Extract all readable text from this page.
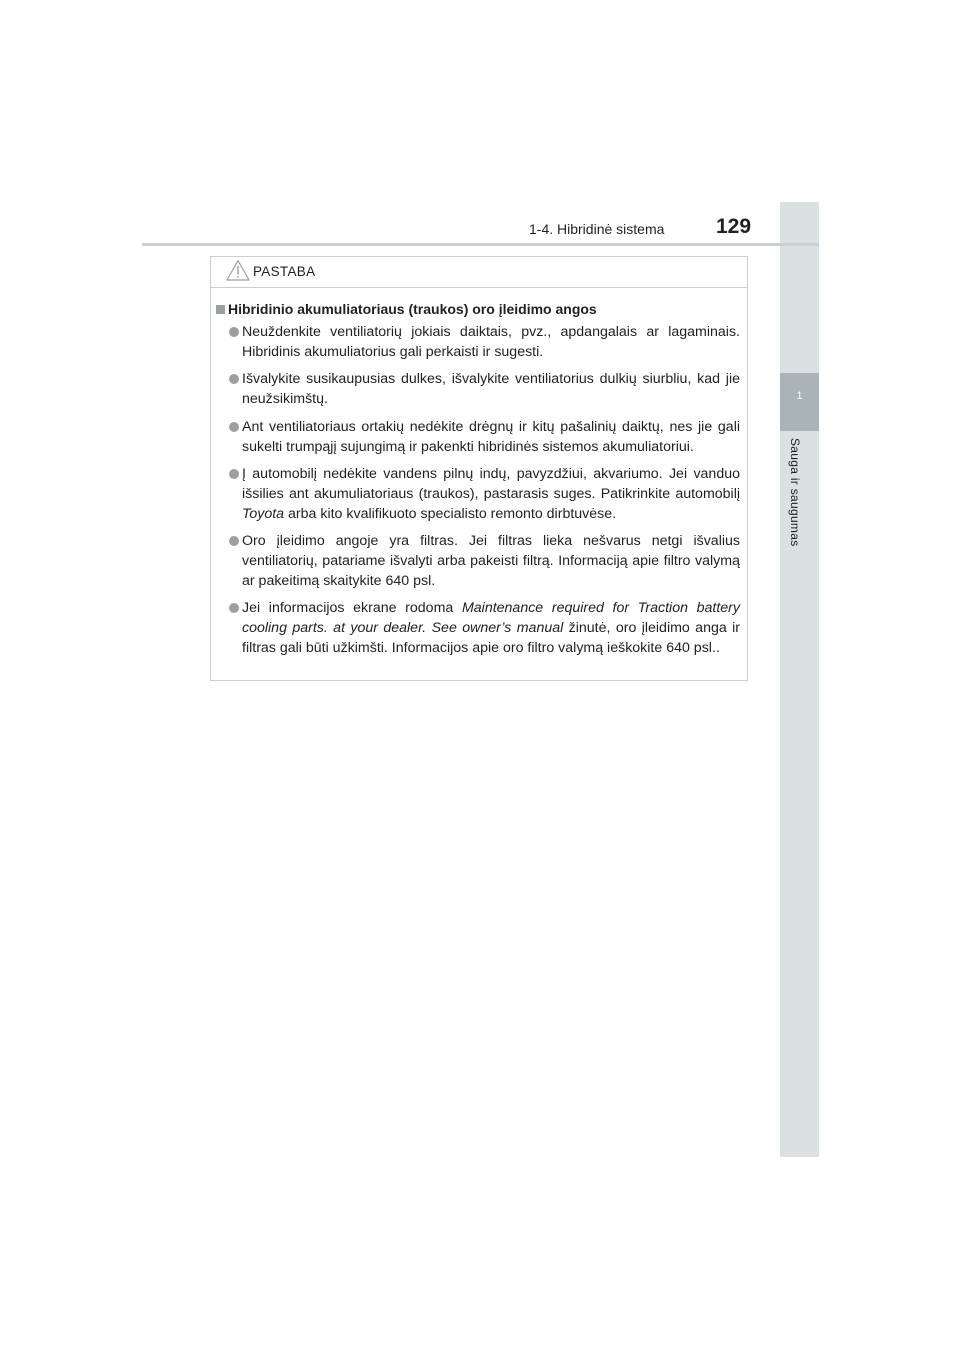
1
Sauga ir saugumas
1-4. Hibridinė sistema 129
PASTABA
Hibridinio akumuliatoriaus (traukos) oro įleidimo angos
Neuždenkite ventiliatorių jokiais daiktais, pvz., apdangalais ar lagaminais. Hibridinis akumuliatorius gali perkaisti ir sugesti.
Išvalykite susikaupusias dulkes, išvalykite ventiliatorius dulkių siurbliu, kad jie neužsikimštų.
Ant ventiliatoriaus ortakių nedėkite drėgnų ir kitų pašalinių daiktų, nes jie gali sukelti trumpąjį sujungimą ir pakenkti hibridinės sistemos akumuliatoriui.
Į automobilį nedėkite vandens pilnų indų, pavyzdžiui, akvariumo. Jei vanduo išsilies ant akumuliatoriaus (traukos), pastarasis suges. Patikrinkite automobilį Toyota arba kito kvalifikuoto specialisto remonto dirbtuvėse.
Oro įleidimo angoje yra filtras. Jei filtras lieka nešvarus netgi išvalius ventiliatorių, patariame išvalyti arba pakeisti filtrą. Informaciją apie filtro valymą ar pakeitimą skaitykite 640 psl.
Jei informacijos ekrane rodoma Maintenance required for Traction battery cooling parts. at your dealer. See owner’s manual žinutė, oro įleidimo anga ir filtras gali būti užkimšti. Informacijos apie oro filtro valymą ieškokite 640 psl..
